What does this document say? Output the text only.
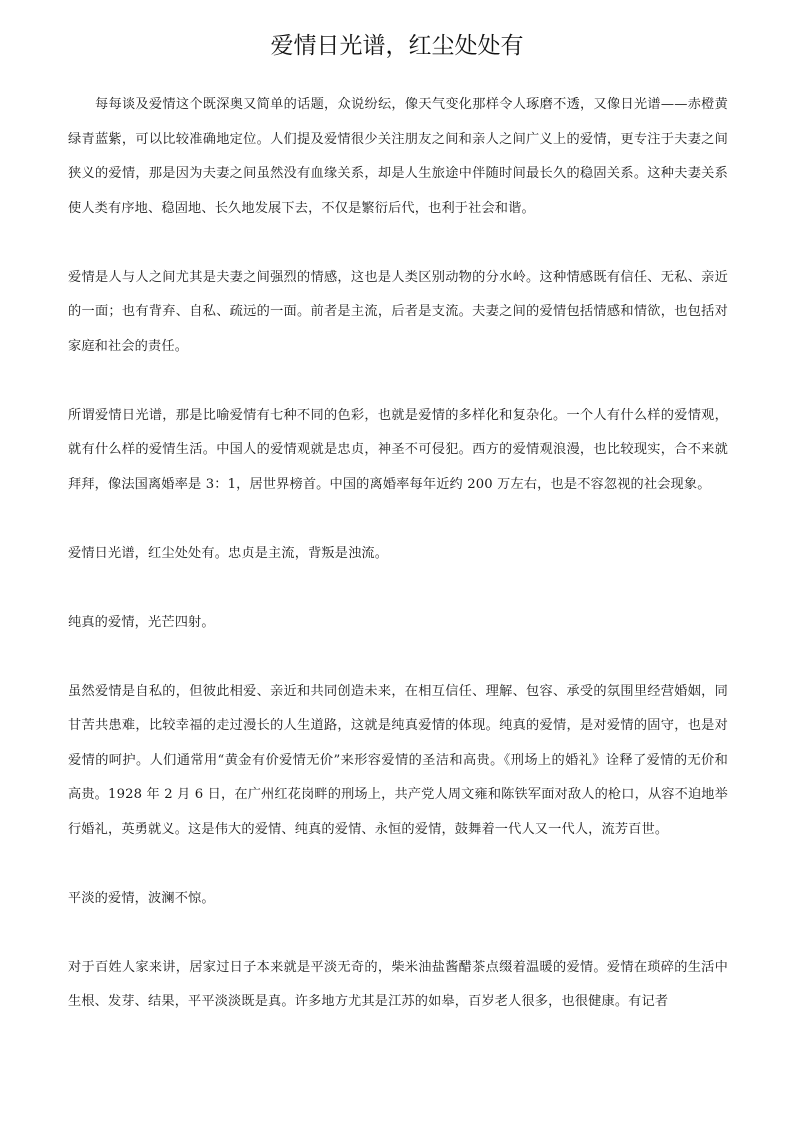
爱情日光谱，红尘处处有

每每谈及爱情这个既深奥又简单的话题，众说纷纭，像天气变化那样令人琢磨不透，又像日光谱——赤橙黄绿青蓝紫，可以比较准确地定位。人们提及爱情很少关注朋友之间和亲人之间广义上的爱情，更专注于夫妻之间狭义的爱情，那是因为夫妻之间虽然没有血缘关系，却是人生旅途中伴随时间最长久的稳固关系。这种夫妻关系使人类有序地、稳固地、长久地发展下去，不仅是繁衍后代，也利于社会和谐。

爱情是人与人之间尤其是夫妻之间强烈的情感，这也是人类区别动物的分水岭。这种情感既有信任、无私、亲近的一面；也有背弃、自私、疏远的一面。前者是主流，后者是支流。夫妻之间的爱情包括情感和情欲，也包括对家庭和社会的责任。

所谓爱情日光谱，那是比喻爱情有七种不同的色彩，也就是爱情的多样化和复杂化。一个人有什么样的爱情观，就有什么样的爱情生活。中国人的爱情观就是忠贞，神圣不可侵犯。西方的爱情观浪漫，也比较现实，合不来就拜拜，像法国离婚率是 3：1，居世界榜首。中国的离婚率每年近约 200 万左右，也是不容忽视的社会现象。

爱情日光谱，红尘处处有。忠贞是主流，背叛是浊流。

纯真的爱情，光芒四射。

虽然爱情是自私的，但彼此相爱、亲近和共同创造未来，在相互信任、理解、包容、承受的氛围里经营婚姻，同甘苦共患难，比较幸福的走过漫长的人生道路，这就是纯真爱情的体现。纯真的爱情，是对爱情的固守，也是对爱情的呵护。人们通常用“黄金有价爱情无价”来形容爱情的圣洁和高贵。《刑场上的婚礼》诠释了爱情的无价和高贵。1928 年 2 月 6 日，在广州红花岗畔的刑场上，共产党人周文雍和陈铁军面对敌人的枪口，从容不迫地举行婚礼，英勇就义。这是伟大的爱情、纯真的爱情、永恒的爱情，鼓舞着一代人又一代人，流芳百世。

平淡的爱情，波澜不惊。

对于百姓人家来讲，居家过日子本来就是平淡无奇的，柴米油盐酱醋茶点缀着温暖的爱情。爱情在琐碎的生活中生根、发芽、结果，平平淡淡既是真。许多地方尤其是江苏的如皋，百岁老人很多，也很健康。有记者
